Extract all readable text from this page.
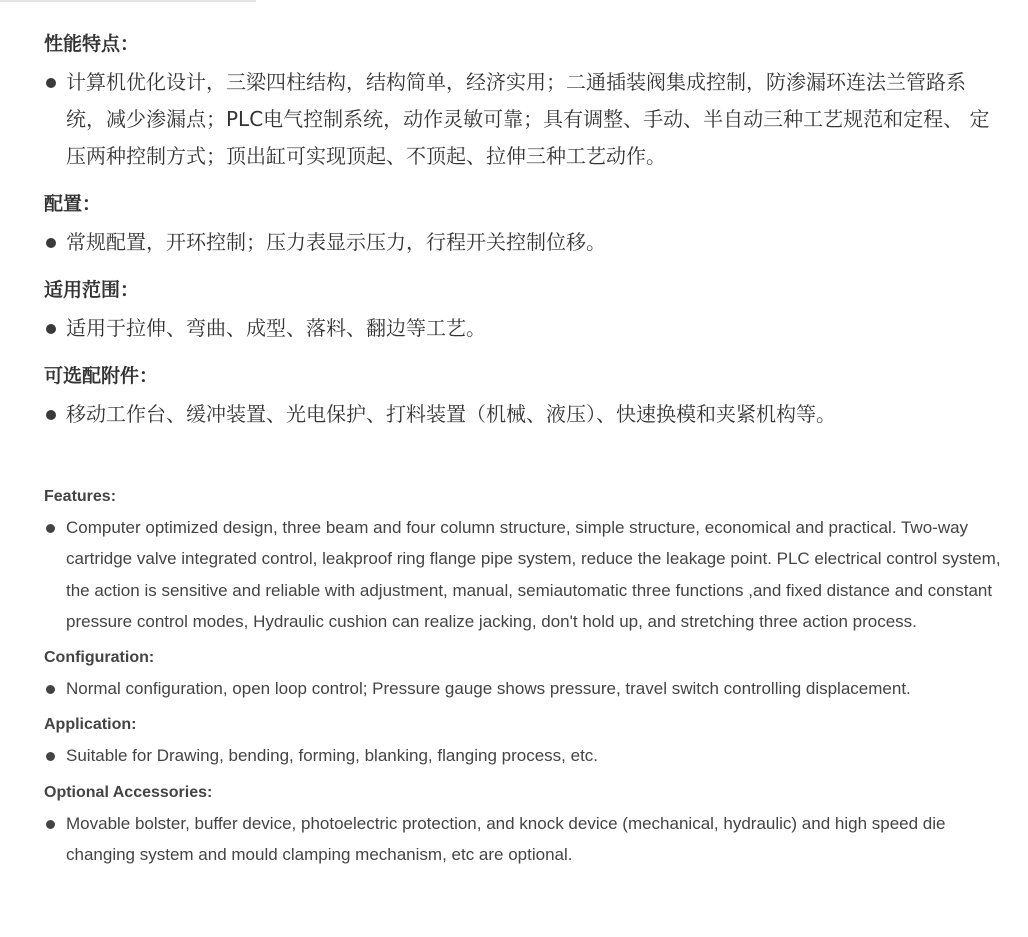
性能特点：
计算机优化设计，三梁四柱结构，结构简单，经济实用；二通插装阀集成控制，防渗漏环连法兰管路系统，减少渗漏点；PLC电气控制系统，动作灵敏可靠；具有调整、手动、半自动三种工艺规范和定程、 定压两种控制方式；顶出缸可实现顶起、不顶起、拉伸三种工艺动作。
配置：
常规配置，开环控制；压力表显示压力，行程开关控制位移。
适用范围：
适用于拉伸、弯曲、成型、落料、翻边等工艺。
可选配附件：
移动工作台、缓冲装置、光电保护、打料装置（机械、液压）、快速换模和夹紧机构等。
Features:
Computer optimized design, three beam and four column structure, simple structure, economical and practical. Two-way cartridge valve integrated control, leakproof ring flange pipe system, reduce the leakage point. PLC electrical control system, the action is sensitive and reliable with adjustment, manual, semiautomatic three functions ,and fixed distance and constant pressure control modes, Hydraulic cushion can realize jacking, don't hold up, and stretching three action process.
Configuration:
Normal configuration, open loop control; Pressure gauge shows pressure, travel switch controlling displacement.
Application:
Suitable for Drawing, bending, forming, blanking, flanging process, etc.
Optional Accessories:
Movable bolster, buffer device, photoelectric protection, and knock device (mechanical, hydraulic) and high speed die changing system and mould clamping mechanism, etc are optional.
